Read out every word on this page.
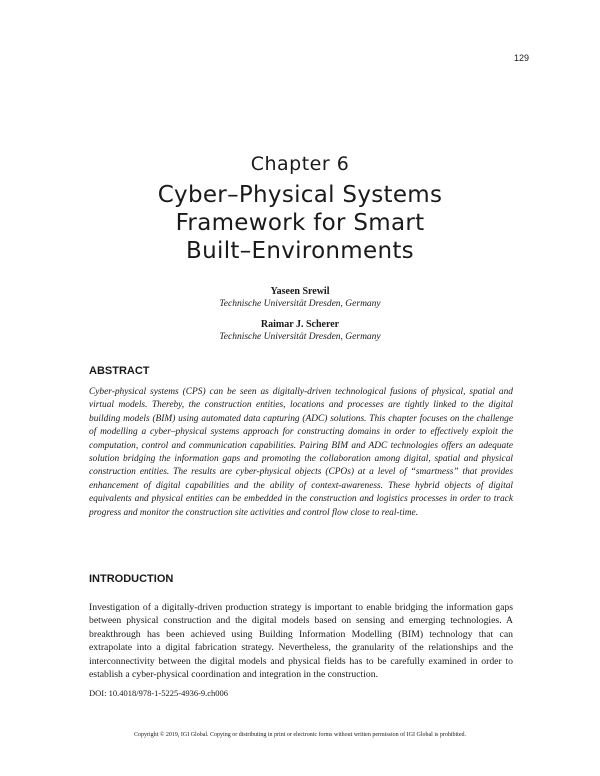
129
Chapter 6
Cyber–Physical Systems
Framework for Smart
Built–Environments
Yaseen Srewil
Technische Universität Dresden, Germany
Raimar J. Scherer
Technische Universität Dresden, Germany
ABSTRACT
Cyber-physical systems (CPS) can be seen as digitally-driven technological fusions of physical, spatial and virtual models. Thereby, the construction entities, locations and processes are tightly linked to the digital building models (BIM) using automated data capturing (ADC) solutions. This chapter focuses on the challenge of modelling a cyber–physical systems approach for constructing domains in order to effectively exploit the computation, control and communication capabilities. Pairing BIM and ADC technologies offers an adequate solution bridging the information gaps and promoting the collaboration among digital, spatial and physical construction entities. The results are cyber-physical objects (CPOs) at a level of “smartness” that provides enhancement of digital capabilities and the ability of context-awareness. These hybrid objects of digital equivalents and physical entities can be embedded in the construction and logistics processes in order to track progress and monitor the construction site activities and control flow close to real-time.
INTRODUCTION
Investigation of a digitally-driven production strategy is important to enable bridging the information gaps between physical construction and the digital models based on sensing and emerging technologies. A breakthrough has been achieved using Building Information Modelling (BIM) technology that can extrapolate into a digital fabrication strategy. Nevertheless, the granularity of the relationships and the interconnectivity between the digital models and physical fields has to be carefully examined in order to establish a cyber-physical coordination and integration in the construction.
DOI: 10.4018/978-1-5225-4936-9.ch006
Copyright © 2019, IGI Global. Copying or distributing in print or electronic forms without written permission of IGI Global is prohibited.
